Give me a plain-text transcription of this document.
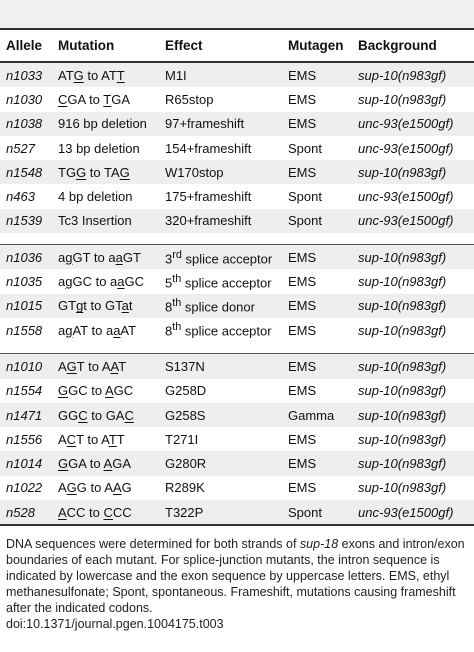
Allele	Mutation	Effect	Mutagen	Background
n1033	ATG to ATT	M1I	EMS	sup-10(n983gf)
n1030	CGA to TGA	R65stop	EMS	sup-10(n983gf)
n1038	916 bp deletion	97+frameshift	EMS	unc-93(e1500gf)
n527	13 bp deletion	154+frameshift	Spont	unc-93(e1500gf)
n1548	TGG to TAG	W170stop	EMS	sup-10(n983gf)
n463	4 bp deletion	175+frameshift	Spont	unc-93(e1500gf)
n1539	Tc3 Insertion	320+frameshift	Spont	unc-93(e1500gf)

n1036	agGT to aaGT	3rd splice acceptor	EMS	sup-10(n983gf)
n1035	agGC to aaGC	5th splice acceptor	EMS	sup-10(n983gf)
n1015	GTgt to GTat	8th splice donor	EMS	sup-10(n983gf)
n1558	agAT to aaAT	8th splice acceptor	EMS	sup-10(n983gf)

n1010	AGT to AAT	S137N	EMS	sup-10(n983gf)
n1554	GGC to AGC	G258D	EMS	sup-10(n983gf)
n1471	GGC to GAC	G258S	Gamma	sup-10(n983gf)
n1556	ACT to ATT	T271I	EMS	sup-10(n983gf)
n1014	GGA to AGA	G280R	EMS	sup-10(n983gf)
n1022	AGG to AAG	R289K	EMS	sup-10(n983gf)
n528	ACC to CCC	T322P	Spont	unc-93(e1500gf)
DNA sequences were determined for both strands of sup-18 exons and intron/exon boundaries of each mutant. For splice-junction mutants, the intron sequence is indicated by lowercase and the exon sequence by uppercase letters. EMS, ethyl methanesulfonate; Spont, spontaneous. Frameshift, mutations causing frameshift after the indicated codons.
doi:10.1371/journal.pgen.1004175.t003
